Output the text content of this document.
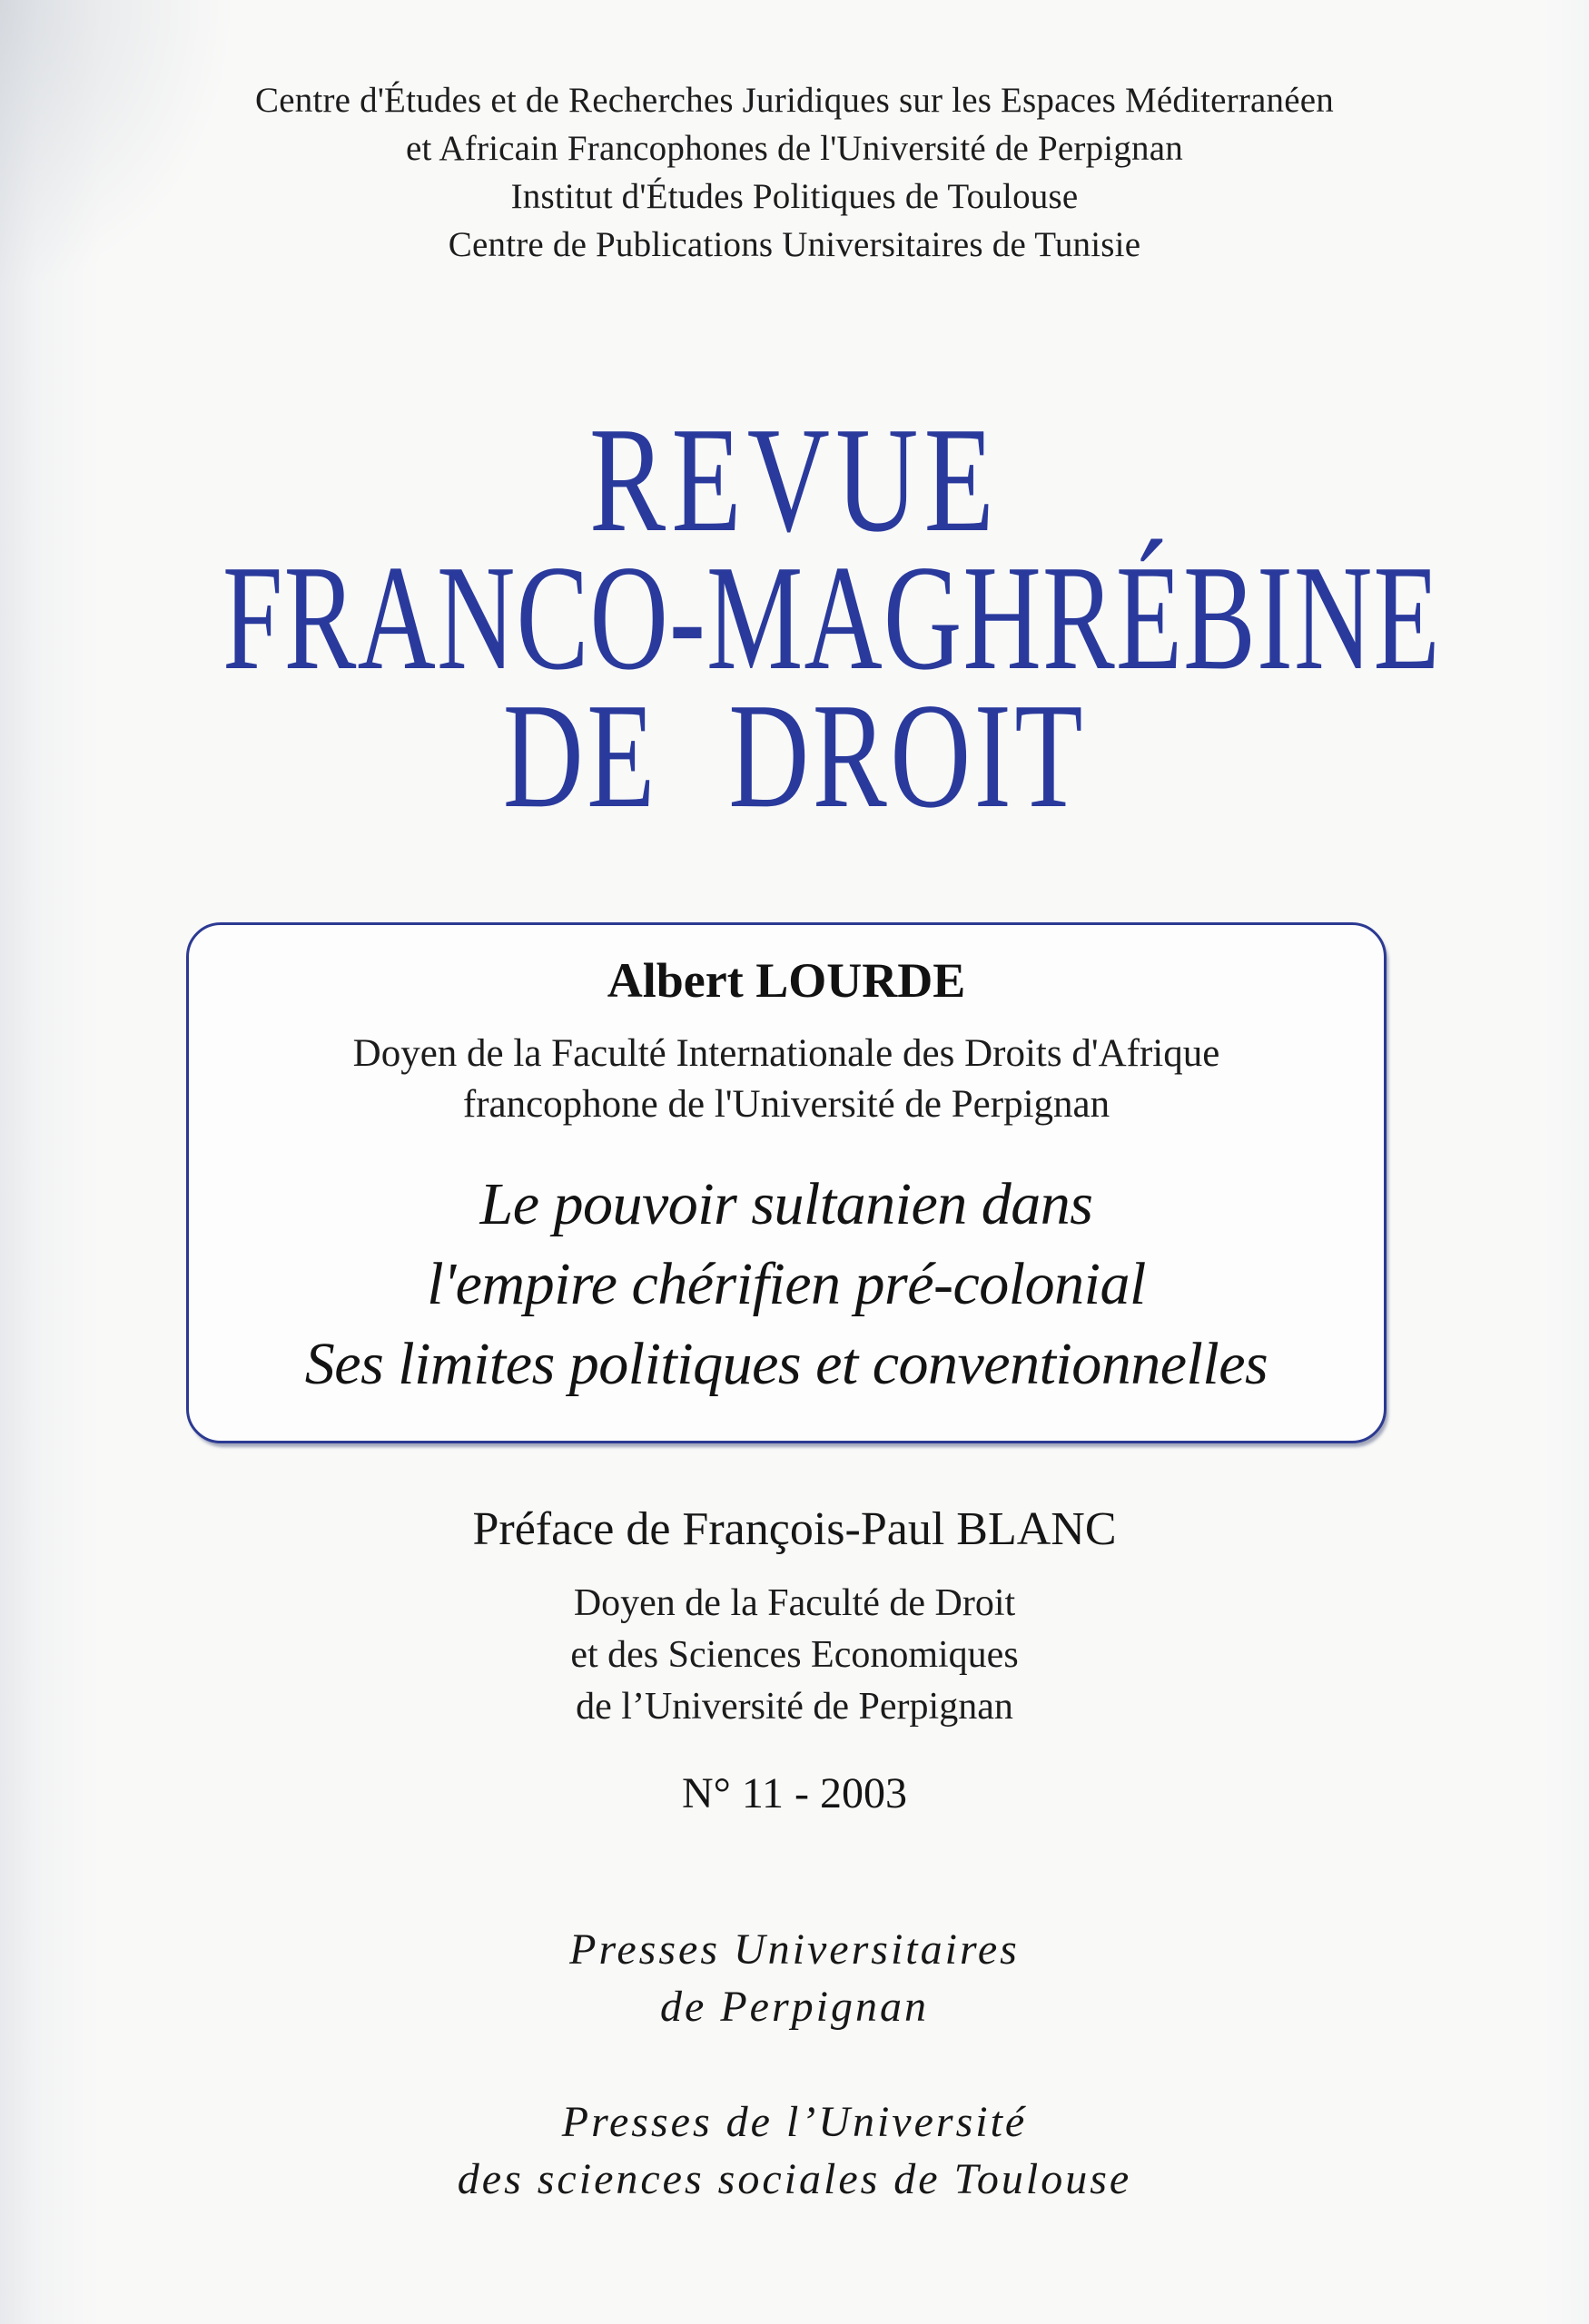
Centre d'Études et de Recherches Juridiques sur les Espaces Méditerranéen
et Africain Francophones de l'Université de Perpignan
Institut d'Études Politiques de Toulouse
Centre de Publications Universitaires de Tunisie
REVUE
FRANCO-MAGHRÉBINE
DE DROIT
Albert LOURDE
Doyen de la Faculté Internationale des Droits d'Afrique
francophone de l'Université de Perpignan
Le pouvoir sultanien dans
l'empire chérifien pré-colonial
Ses limites politiques et conventionnelles
Préface de François-Paul BLANC
Doyen de la Faculté de Droit
et des Sciences Economiques
de l’Université de Perpignan
N° 11 - 2003
Presses Universitaires
de Perpignan
Presses de l’Université
des sciences sociales de Toulouse
